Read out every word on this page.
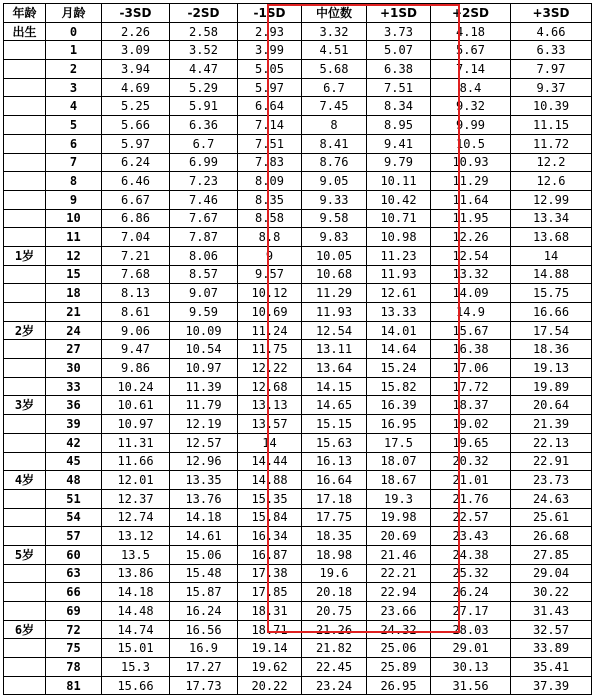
年龄	月龄	-3SD	-2SD	-1SD	中位数	+1SD	+2SD	+3SD
出生	0	2.26	2.58	2.93	3.32	3.73	4.18	4.66
	1	3.09	3.52	3.99	4.51	5.07	5.67	6.33
	2	3.94	4.47	5.05	5.68	6.38	7.14	7.97
	3	4.69	5.29	5.97	6.7	7.51	8.4	9.37
	4	5.25	5.91	6.64	7.45	8.34	9.32	10.39
	5	5.66	6.36	7.14	8	8.95	9.99	11.15
	6	5.97	6.7	7.51	8.41	9.41	10.5	11.72
	7	6.24	6.99	7.83	8.76	9.79	10.93	12.2
	8	6.46	7.23	8.09	9.05	10.11	11.29	12.6
	9	6.67	7.46	8.35	9.33	10.42	11.64	12.99
	10	6.86	7.67	8.58	9.58	10.71	11.95	13.34
	11	7.04	7.87	8.8	9.83	10.98	12.26	13.68
1岁	12	7.21	8.06	9	10.05	11.23	12.54	14
	15	7.68	8.57	9.57	10.68	11.93	13.32	14.88
	18	8.13	9.07	10.12	11.29	12.61	14.09	15.75
	21	8.61	9.59	10.69	11.93	13.33	14.9	16.66
2岁	24	9.06	10.09	11.24	12.54	14.01	15.67	17.54
	27	9.47	10.54	11.75	13.11	14.64	16.38	18.36
	30	9.86	10.97	12.22	13.64	15.24	17.06	19.13
	33	10.24	11.39	12.68	14.15	15.82	17.72	19.89
3岁	36	10.61	11.79	13.13	14.65	16.39	18.37	20.64
	39	10.97	12.19	13.57	15.15	16.95	19.02	21.39
	42	11.31	12.57	14	15.63	17.5	19.65	22.13
	45	11.66	12.96	14.44	16.13	18.07	20.32	22.91
4岁	48	12.01	13.35	14.88	16.64	18.67	21.01	23.73
	51	12.37	13.76	15.35	17.18	19.3	21.76	24.63
	54	12.74	14.18	15.84	17.75	19.98	22.57	25.61
	57	13.12	14.61	16.34	18.35	20.69	23.43	26.68
5岁	60	13.5	15.06	16.87	18.98	21.46	24.38	27.85
	63	13.86	15.48	17.38	19.6	22.21	25.32	29.04
	66	14.18	15.87	17.85	20.18	22.94	26.24	30.22
	69	14.48	16.24	18.31	20.75	23.66	27.17	31.43
6岁	72	14.74	16.56	18.71	21.26	24.32	28.03	32.57
	75	15.01	16.9	19.14	21.82	25.06	29.01	33.89
	78	15.3	17.27	19.62	22.45	25.89	30.13	35.41
	81	15.66	17.73	20.22	23.24	26.95	31.56	37.39
